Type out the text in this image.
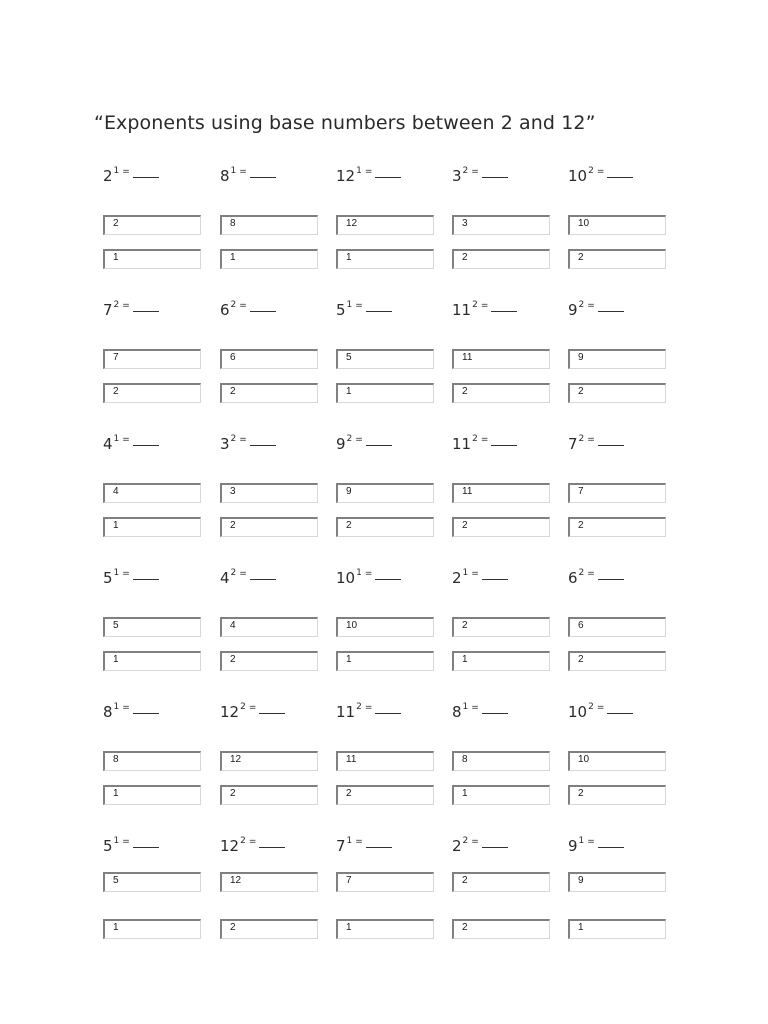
“Exponents using base numbers between 2 and 12”
2 1 =
2
1
8 1 =
8
1
12 1 =
12
1
3 2 =
3
2
10 2 =
10
2
7 2 =
7
2
6 2 =
6
2
5 1 =
5
1
11 2 =
11
2
9 2 =
9
2
4 1 =
4
1
3 2 =
3
2
9 2 =
9
2
11 2 =
11
2
7 2 =
7
2
5 1 =
5
1
4 2 =
4
2
10 1 =
10
1
2 1 =
2
1
6 2 =
6
2
8 1 =
8
1
12 2 =
12
2
11 2 =
11
2
8 1 =
8
1
10 2 =
10
2
5 1 =
5
1
12 2 =
12
2
7 1 =
7
1
2 2 =
2
2
9 1 =
9
1
